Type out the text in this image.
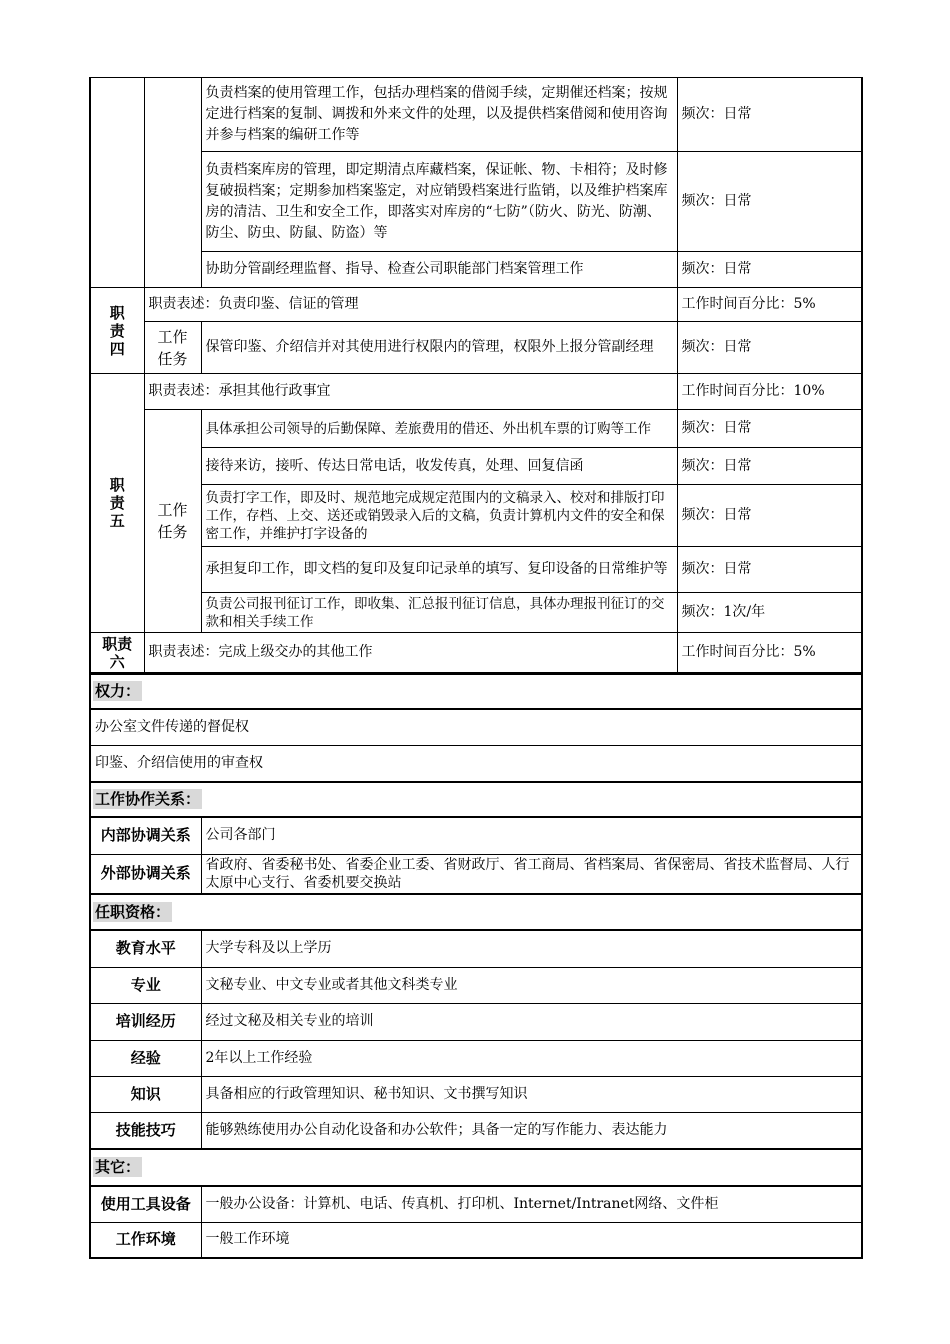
		负责档案的使用管理工作，包括办理档案的借阅手续，定期催还档案；按规定进行档案的复制、调拨和外来文件的处理，以及提供档案借阅和使用咨询并参与档案的编研工作等	频次：日常
		负责档案库房的管理，即定期清点库藏档案，保证帐、物、卡相符；及时修复破损档案；定期参加档案鉴定，对应销毁档案进行监销，以及维护档案库房的清洁、卫生和安全工作，即落实对库房的“七防”（防火、防光、防潮、防尘、防虫、防鼠、防盗）等	频次：日常
		协助分管副经理监督、指导、检查公司职能部门档案管理工作	频次：日常

职责四	职责表述：负责印鉴、信证的管理		工作时间百分比：5%

	工作任务	保管印鉴、介绍信并对其使用进行权限内的管理，权限外上报分管副经理	频次：日常

职责五	职责表述：承担其他行政事宜		工作时间百分比：10%

	工作任务	具体承担公司领导的后勤保障、差旅费用的借还、外出机车票的订购等工作	频次：日常
		接待来访，接听、传达日常电话，收发传真，处理、回复信函	频次：日常
		负责打字工作，即及时、规范地完成规定范围内的文稿录入、校对和排版打印工作，存档、上交、送还或销毁录入后的文稿，负责计算机内文件的安全和保密工作，并维护打字设备的	频次：日常
		承担复印工作，即文档的复印及复印记录单的填写、复印设备的日常维护等	频次：日常
		负责公司报刊征订工作，即收集、汇总报刊征订信息，具体办理报刊征订的交款和相关手续工作	频次：1次/年

职责六	职责表述：完成上级交办的其他工作		工作时间百分比：5%
权力：	
办公室文件传递的督促权	
印鉴、介绍信使用的审查权	
工作协作关系：	
内部协调关系	公司各部门
外部协调关系	省政府、省委秘书处、省委企业工委、省财政厅、省工商局、省档案局、省保密局、省技术监督局、人行太原中心支行、省委机要交换站
任职资格：	
教育水平	大学专科及以上学历
专业	文秘专业、中文专业或者其他文科类专业
培训经历	经过文秘及相关专业的培训
经验	2年以上工作经验
知识	具备相应的行政管理知识、秘书知识、文书撰写知识
技能技巧	能够熟练使用办公自动化设备和办公软件；具备一定的写作能力、表达能力
其它：	
使用工具设备	一般办公设备：计算机、电话、传真机、打印机、Internet/Intranet网络、文件柜
工作环境	一般工作环境
